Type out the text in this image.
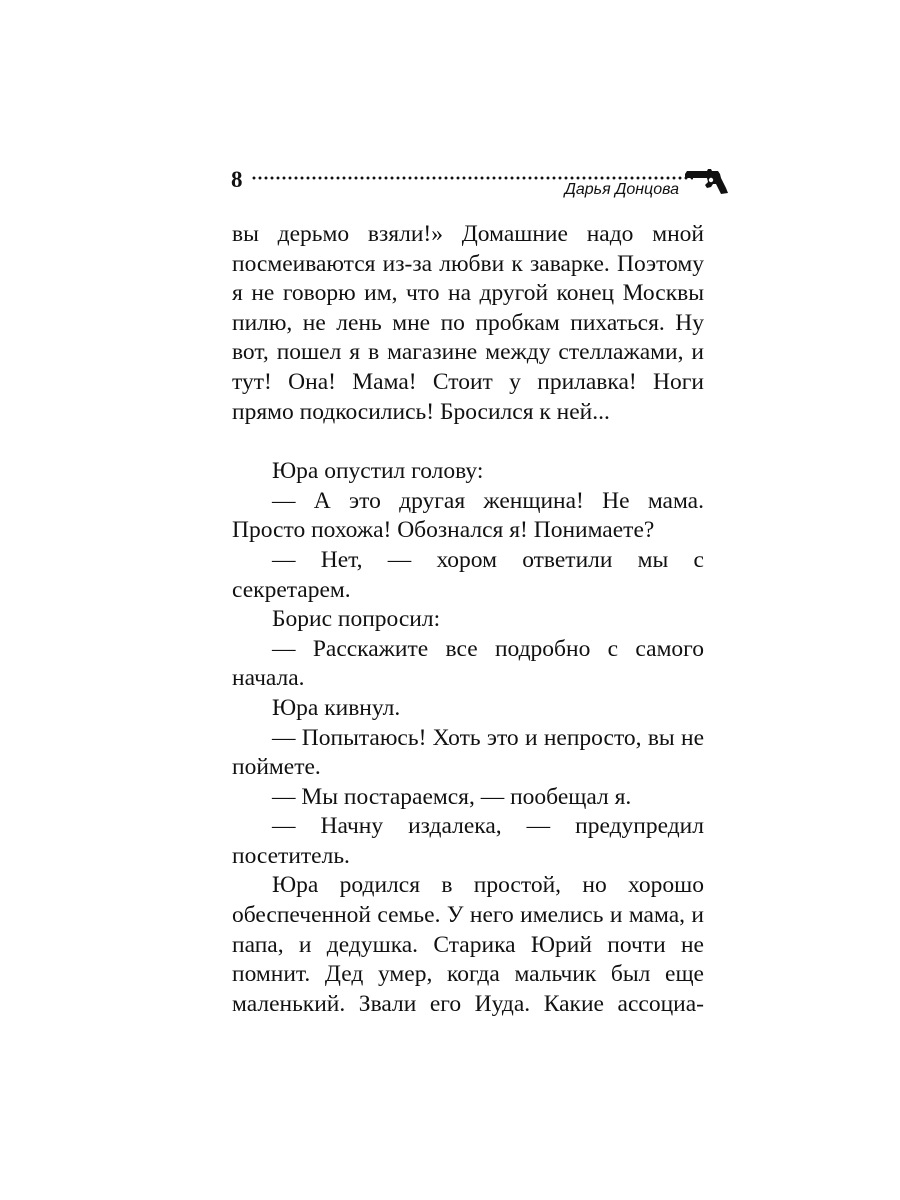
8	Дарья Донцова

вы дерьмо взяли!» Домашние надо мной посмеиваются из-за любви к заварке. Поэтому я не говорю им, что на другой конец Москвы пилю, не лень мне по пробкам пихаться. Ну вот, пошел я в магазине между стеллажами, и тут! Она! Мама! Стоит у прилавка! Ноги прямо подкосились! Бросился к ней...

Юра опустил голову:

— А это другая женщина! Не мама. Просто похожа! Обознался я! Понимаете?

— Нет, — хором ответили мы с секретарем.

Борис попросил:

— Расскажите все подробно с самого начала.

Юра кивнул.

— Попытаюсь! Хоть это и непросто, вы не поймете.

— Мы постараемся, — пообещал я.

— Начну издалека, — предупредил посетитель.

Юра родился в простой, но хорошо обеспеченной семье. У него имелись и мама, и папа, и дедушка. Старика Юрий почти не помнит. Дед умер, когда мальчик был еще маленький. Звали его Иуда. Какие ассоциа-
